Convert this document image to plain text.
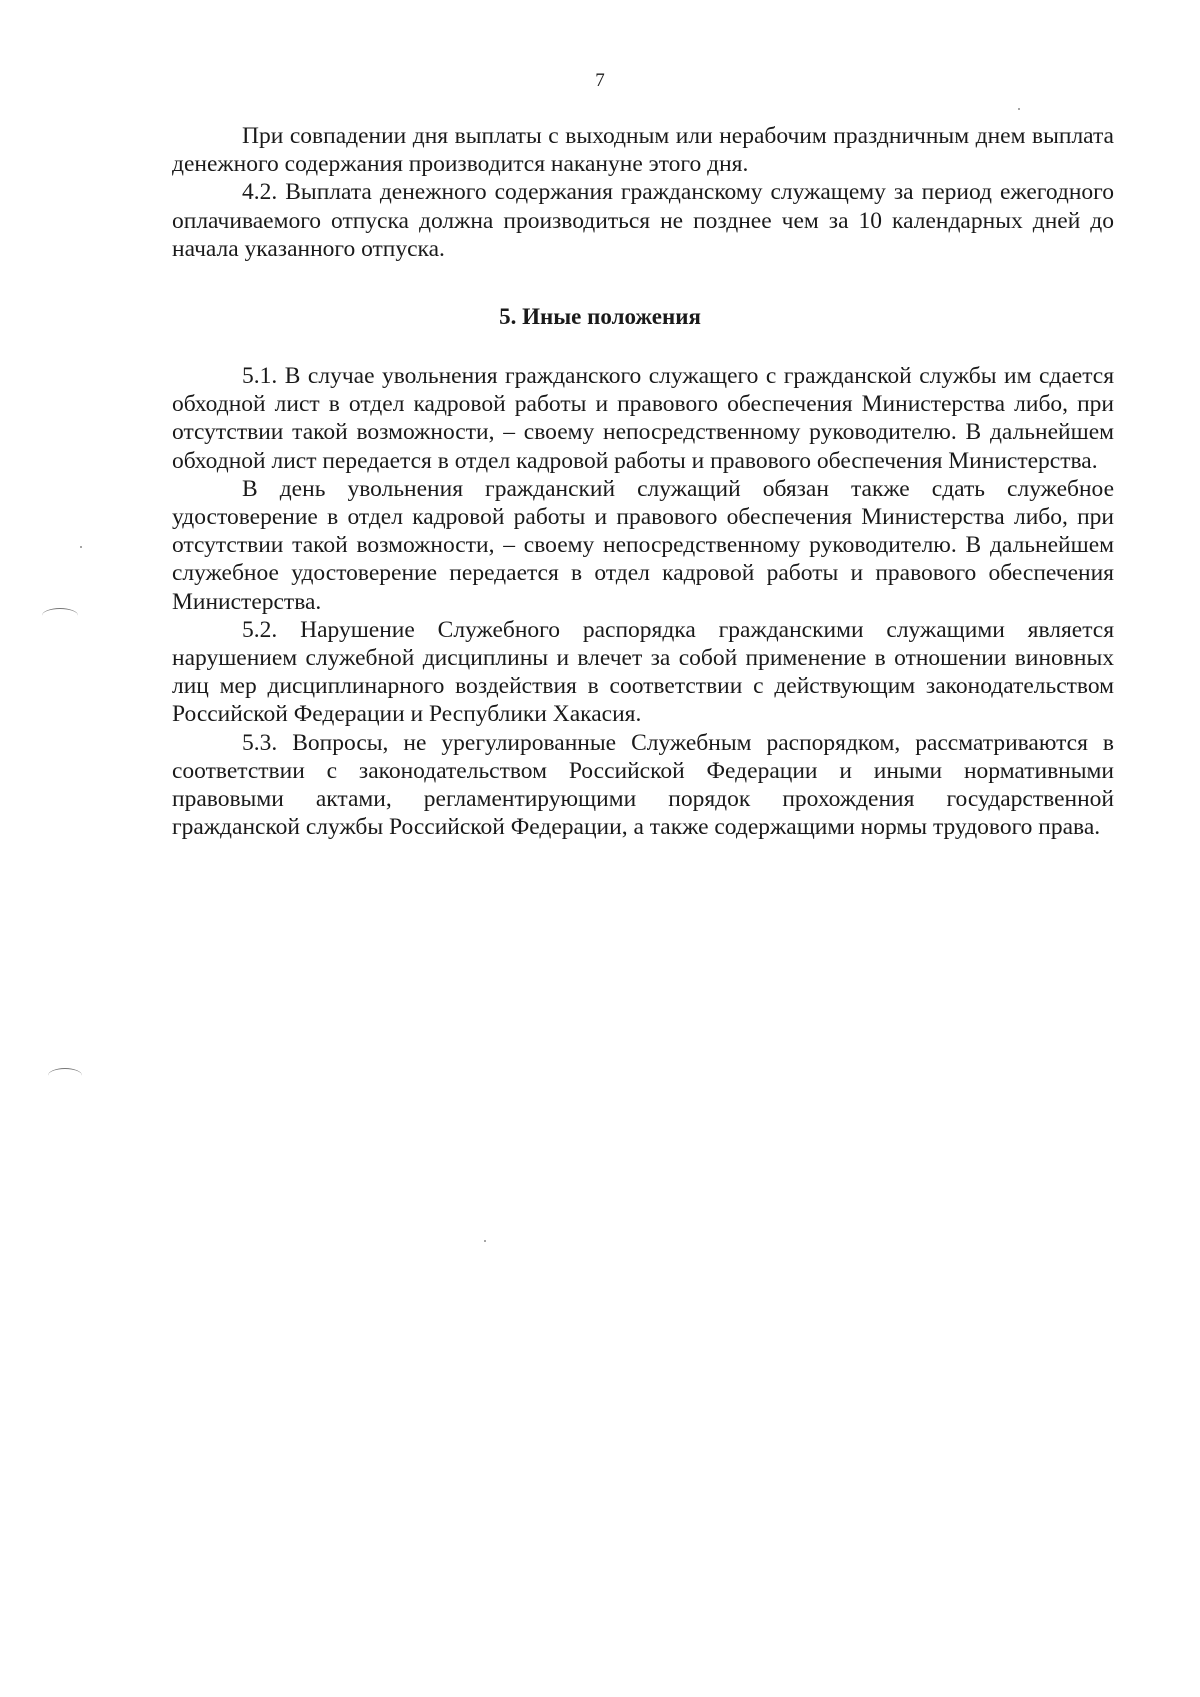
7

При совпадении дня выплаты с выходным или нерабочим праздничным днем выплата денежного содержания производится накануне этого дня.

4.2. Выплата денежного содержания гражданскому служащему за период ежегодного оплачиваемого отпуска должна производиться не позднее чем за 10 календарных дней до начала указанного отпуска.

5. Иные положения

5.1. В случае увольнения гражданского служащего с гражданской службы им сдается обходной лист в отдел кадровой работы и правового обеспечения Министерства либо, при отсутствии такой возможности, – своему непосредственному руководителю. В дальнейшем обходной лист передается в отдел кадровой работы и правового обеспечения Министерства.

В день увольнения гражданский служащий обязан также сдать служебное удостоверение в отдел кадровой работы и правового обеспечения Министерства либо, при отсутствии такой возможности, – своему непосредственному руководителю. В дальнейшем служебное удостоверение передается в отдел кадровой работы и правового обеспечения Министерства.

5.2. Нарушение Служебного распорядка гражданскими служащими является нарушением служебной дисциплины и влечет за собой применение в отношении виновных лиц мер дисциплинарного воздействия в соответствии с действующим законодательством Российской Федерации и Республики Хакасия.

5.3. Вопросы, не урегулированные Служебным распорядком, рассматриваются в соответствии с законодательством Российской Федерации и иными нормативными правовыми актами, регламентирующими порядок прохождения государственной гражданской службы Российской Федерации, а также содержащими нормы трудового права.
